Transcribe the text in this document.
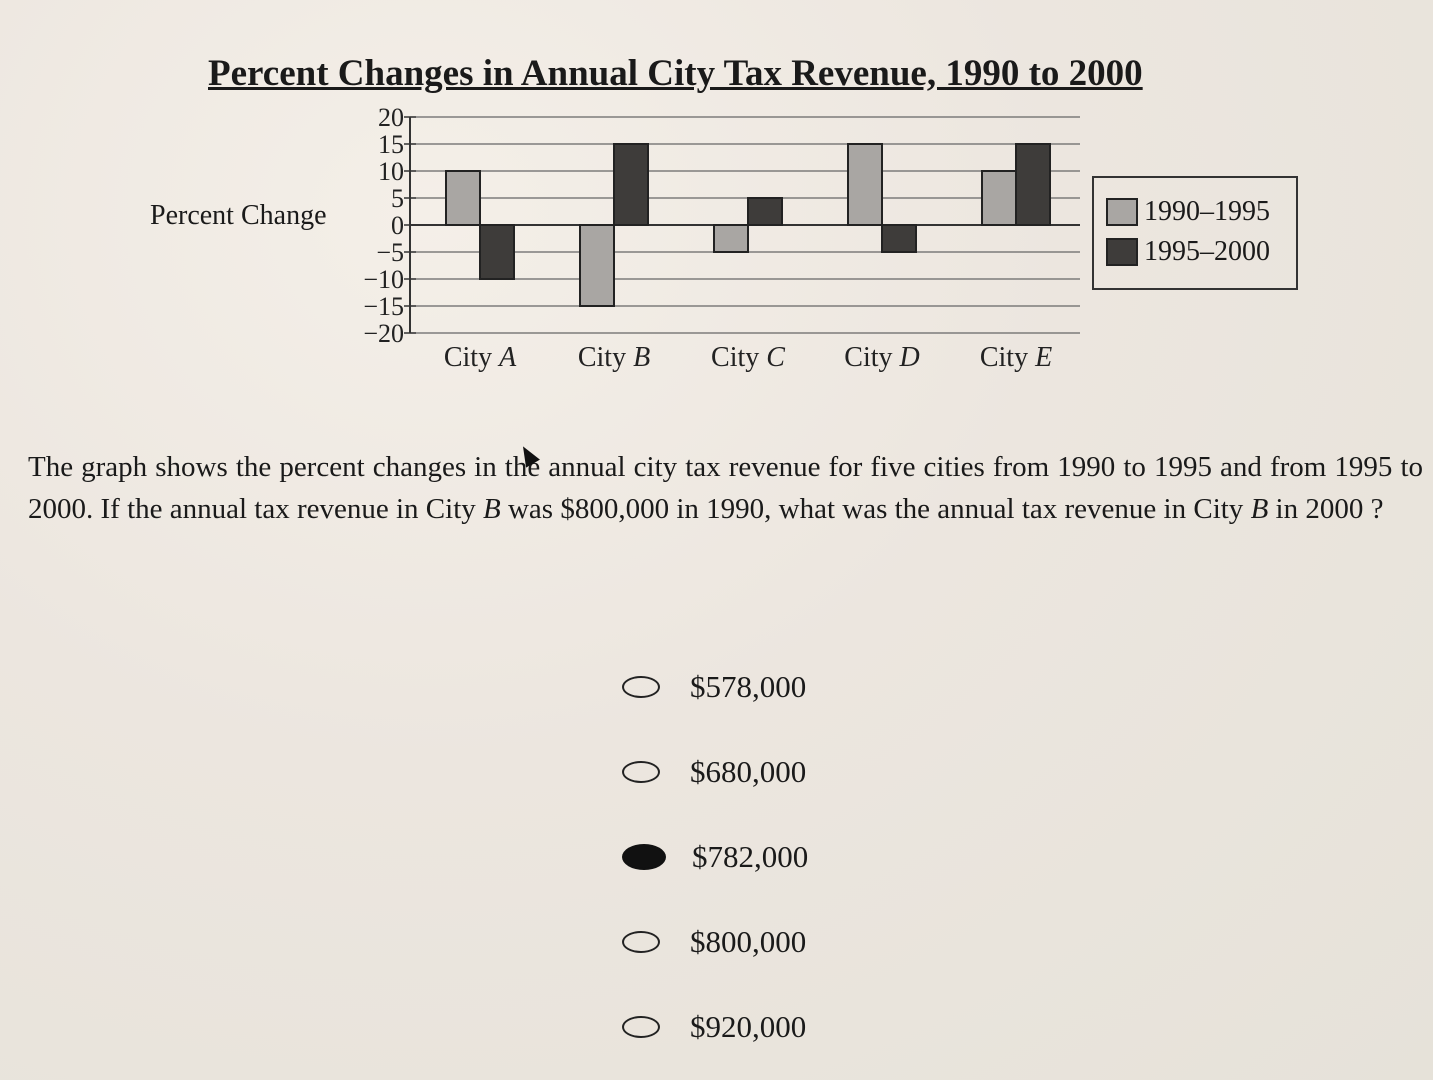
Percent Changes in Annual City Tax Revenue, 1990 to 2000
20
15
10
5
0
−5
−10
−15
−20
City A City B City C City D City E
Percent Change	1990–1995
1995–2000
The graph shows the percent changes in the annual city tax revenue for five cities from 1990 to 1995 and from 1995 to 2000. If the annual tax revenue in City B was $800,000 in 1990, what was the annual tax revenue in City B in 2000 ?
$578,000
$680,000
$782,000
$800,000
$920,000
